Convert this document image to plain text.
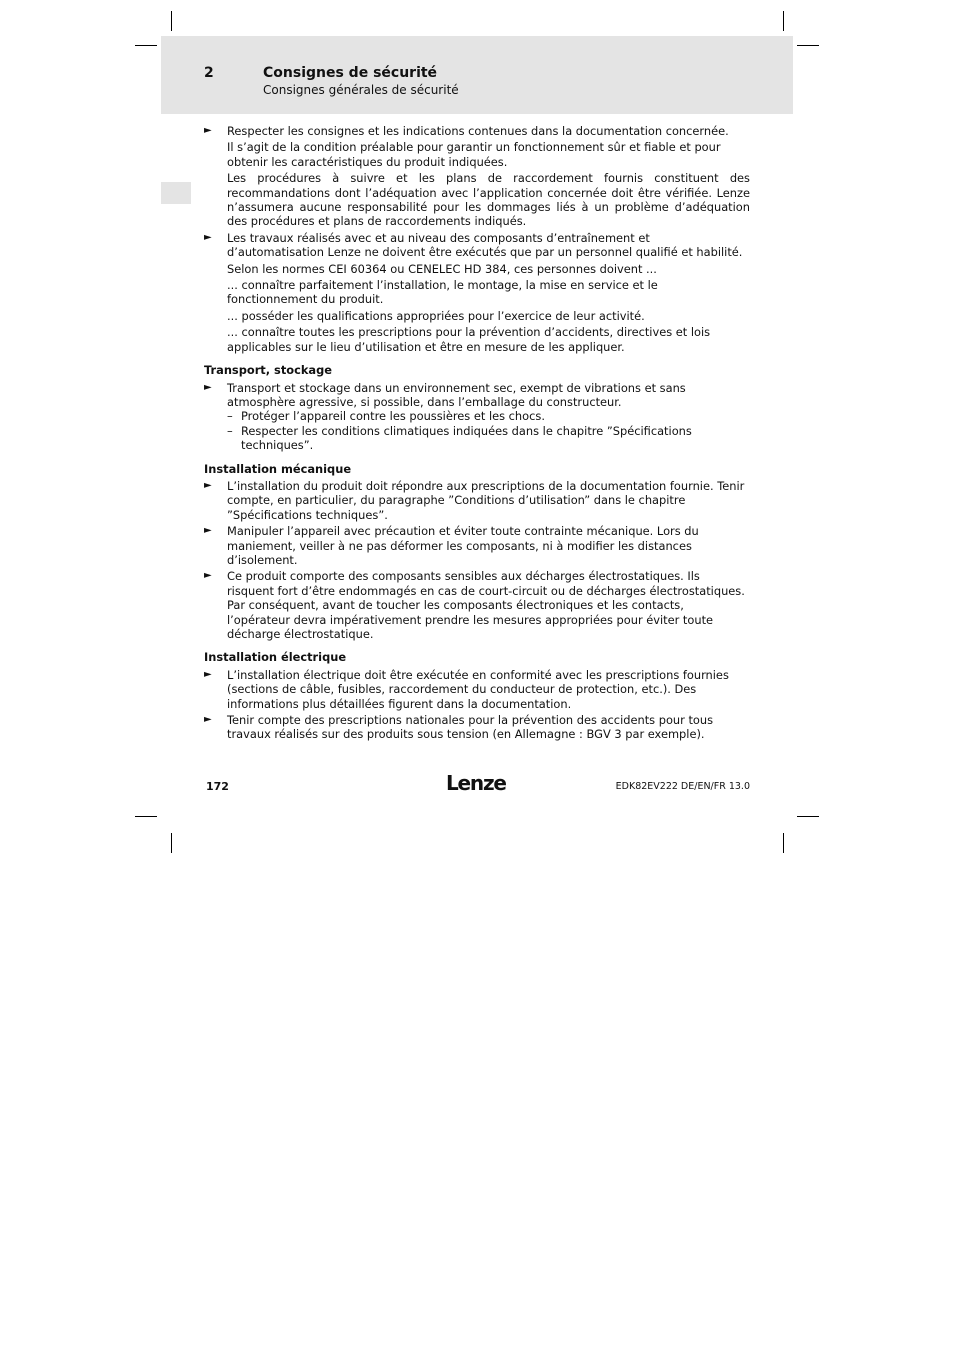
2	Consignes de sécurité
Consignes générales de sécurité
► Respecter les consignes et les indications contenues dans la documentation concernée.
Il s’agit de la condition préalable pour garantir un fonctionnement sûr et fiable et pour obtenir les caractéristiques du produit indiquées.
Les procédures à suivre et les plans de raccordement fournis constituent des recommandations dont l’adéquation avec l’application concernée doit être vérifiée. Lenze n’assumera aucune responsabilité pour les dommages liés à un problème d’adéquation des procédures et plans de raccordements indiqués.
► Les travaux réalisés avec et au niveau des composants d’entraînement et d’automatisation Lenze ne doivent être exécutés que par un personnel qualifié et habilité.
Selon les normes CEI 60364 ou CENELEC HD 384, ces personnes doivent ...
... connaître parfaitement l’installation, le montage, la mise en service et le fonctionnement du produit.
... posséder les qualifications appropriées pour l’exercice de leur activité.
... connaître toutes les prescriptions pour la prévention d’accidents, directives et lois applicables sur le lieu d’utilisation et être en mesure de les appliquer.
Transport, stockage
► Transport et stockage dans un environnement sec, exempt de vibrations et sans atmosphère agressive, si possible, dans l’emballage du constructeur.
– Protéger l’appareil contre les poussières et les chocs.
– Respecter les conditions climatiques indiquées dans le chapitre ”Spécifications techniques”.
Installation mécanique
► L’installation du produit doit répondre aux prescriptions de la documentation fournie. Tenir compte, en particulier, du paragraphe ”Conditions d’utilisation” dans le chapitre ”Spécifications techniques”.
► Manipuler l’appareil avec précaution et éviter toute contrainte mécanique. Lors du maniement, veiller à ne pas déformer les composants, ni à modifier les distances d’isolement.
► Ce produit comporte des composants sensibles aux décharges électrostatiques. Ils risquent fort d’être endommagés en cas de court-circuit ou de décharges électrostatiques. Par conséquent, avant de toucher les composants électroniques et les contacts, l’opérateur devra impérativement prendre les mesures appropriées pour éviter toute décharge électrostatique.
Installation électrique
► L’installation électrique doit être exécutée en conformité avec les prescriptions fournies (sections de câble, fusibles, raccordement du conducteur de protection, etc.). Des informations plus détaillées figurent dans la documentation.
► Tenir compte des prescriptions nationales pour la prévention des accidents pour tous travaux réalisés sur des produits sous tension (en Allemagne : BGV 3 par exemple).
172	Lenze	EDK82EV222 DE/EN/FR 13.0
